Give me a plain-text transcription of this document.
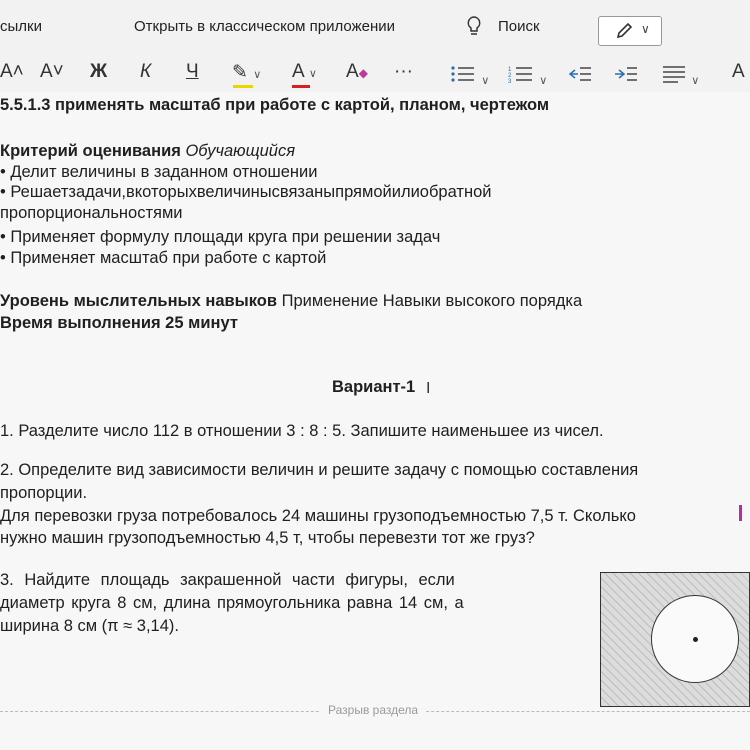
сылки	Открыть в классическом приложении	Поиск	∨
A˄ A˅ Ж К Ч ✎ ∨ A ∨ A◆ ···	∨
1
2
3	∨	∨ A
5.5.1.3 применять масштаб при работе с картой, планом, чертежом
Критерий оценивания Обучающийся
• Делит величины в заданном отношении
• Решаетзадачи,вкоторыхвеличинысвязаныпрямойилиобратной
пропорциональностями
• Применяет формулу площади круга при решении задач
• Применяет масштаб при работе с картой
Уровень мыслительных навыков Применение Навыки высокого порядка
Время выполнения 25 минут
Вариант-1 I
1. Разделите число 112 в отношении 3 : 8 : 5. Запишите наименьшее из чисел.
2. Определите вид зависимости величин и решите задачу с помощью составления
пропорции.
Для перевозки груза потребовалось 24 машины грузоподъемностью 7,5 т. Сколько
нужно машин грузоподъемностью 4,5 т, чтобы перевезти тот же груз?
3. Найдите площадь закрашенной части фигуры, если
диаметр круга 8 см, длина прямоугольника равна 14 см, а
ширина 8 см (π ≈ 3,14).
Разрыв раздела
